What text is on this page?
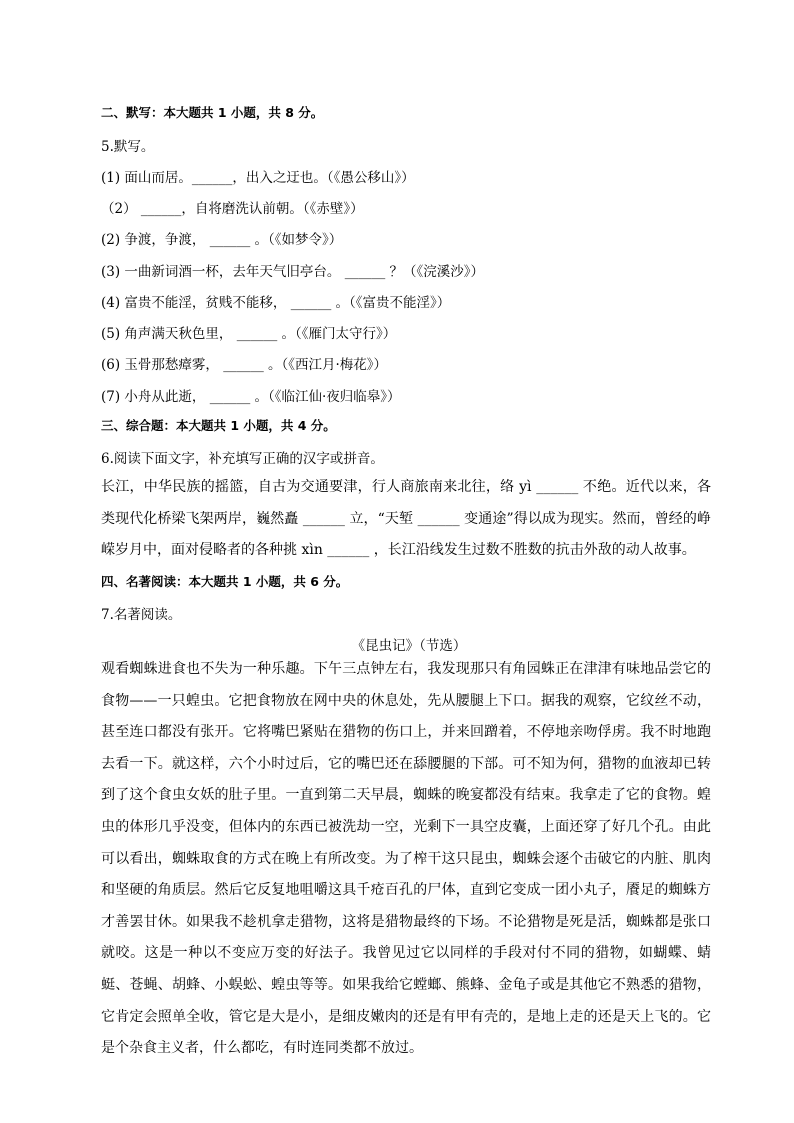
二、默写：本大题共 1 小题，共 8 分。
5.默写。
(1) 面山而居。______，出入之迂也。（《愚公移山》）
（2） ______，自将磨洗认前朝。（《赤壁》）
(2) 争渡，争渡， ______ 。（《如梦令》）
(3) 一曲新词酒一杯，去年天气旧亭台。 ______ ？（《浣溪沙》）
(4) 富贵不能淫，贫贱不能移， ______ 。（《富贵不能淫》）
(5) 角声满天秋色里， ______ 。（《雁门太守行》）
(6) 玉骨那愁瘴雾， ______ 。（《西江月·梅花》）
(7) 小舟从此逝， ______ 。（《临江仙·夜归临皋》）
三、综合题：本大题共 1 小题，共 4 分。
6.阅读下面文字，补充填写正确的汉字或拼音。

长江，中华民族的摇篮，自古为交通要津，行人商旅南来北往，络 yì ______ 不绝。近代以来，各类现代化桥梁飞架两岸，巍然矗 ______ 立，“天堑 ______ 变通途”得以成为现实。然而，曾经的峥嵘岁月中，面对侵略者的各种挑 xìn ______ ，长江沿线发生过数不胜数的抗击外敌的动人故事。

四、名著阅读：本大题共 1 小题，共 6 分。
7.名著阅读。
《昆虫记》（节选）

观看蜘蛛进食也不失为一种乐趣。下午三点钟左右，我发现那只有角园蛛正在津津有味地品尝它的食物——一只蝗虫。它把食物放在网中央的休息处，先从腰腿上下口。据我的观察，它纹丝不动，甚至连口都没有张开。它将嘴巴紧贴在猎物的伤口上，并来回蹭着，不停地亲吻俘虏。我不时地跑去看一下。就这样，六个小时过后，它的嘴巴还在舔腰腿的下部。可不知为何，猎物的血液却已转到了这个食虫女妖的肚子里。一直到第二天早晨，蜘蛛的晚宴都没有结束。我拿走了它的食物。蝗虫的体形几乎没变，但体内的东西已被洗劫一空，光剩下一具空皮囊，上面还穿了好几个孔。由此可以看出，蜘蛛取食的方式在晚上有所改变。为了榨干这只昆虫，蜘蛛会逐个击破它的内脏、肌肉和坚硬的角质层。然后它反复地咀嚼这具千疮百孔的尸体，直到它变成一团小丸子，餍足的蜘蛛方才善罢甘休。如果我不趁机拿走猎物，这将是猎物最终的下场。不论猎物是死是活，蜘蛛都是张口就咬。这是一种以不变应万变的好法子。我曾见过它以同样的手段对付不同的猎物，如蝴蝶、蜻蜓、苍蝇、胡蜂、小蜈蚣、蝗虫等等。如果我给它螳螂、熊蜂、金龟子或是其他它不熟悉的猎物，它肯定会照单全收，管它是大是小，是细皮嫩肉的还是有甲有壳的，是地上走的还是天上飞的。它是个杂食主义者，什么都吃，有时连同类都不放过。
